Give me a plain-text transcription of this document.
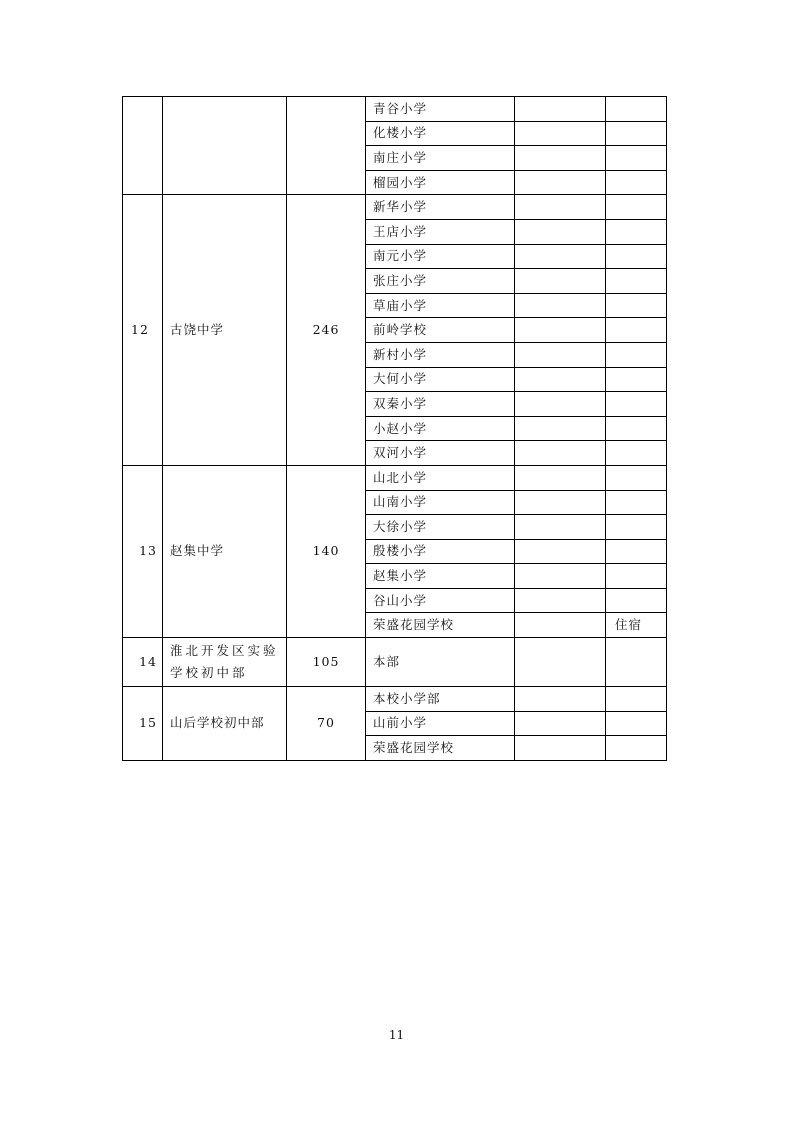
			青谷小学		
			化楼小学		
			南庄小学		
			榴园小学		
12	古饶中学	246	新华小学		
			王店小学		
			南元小学		
			张庄小学		
			草庙小学		
			前岭学校		
			新村小学		
			大何小学		
			双秦小学		
			小赵小学		
			双河小学		
13	赵集中学	140	山北小学		
			山南小学		
			大徐小学		
			殷楼小学		
			赵集小学		
			谷山小学		
			荣盛花园学校		住宿
14	淮北开发区实验学校初中部	105	本部		
15	山后学校初中部	70	本校小学部		
			山前小学		
			荣盛花园学校		
11
